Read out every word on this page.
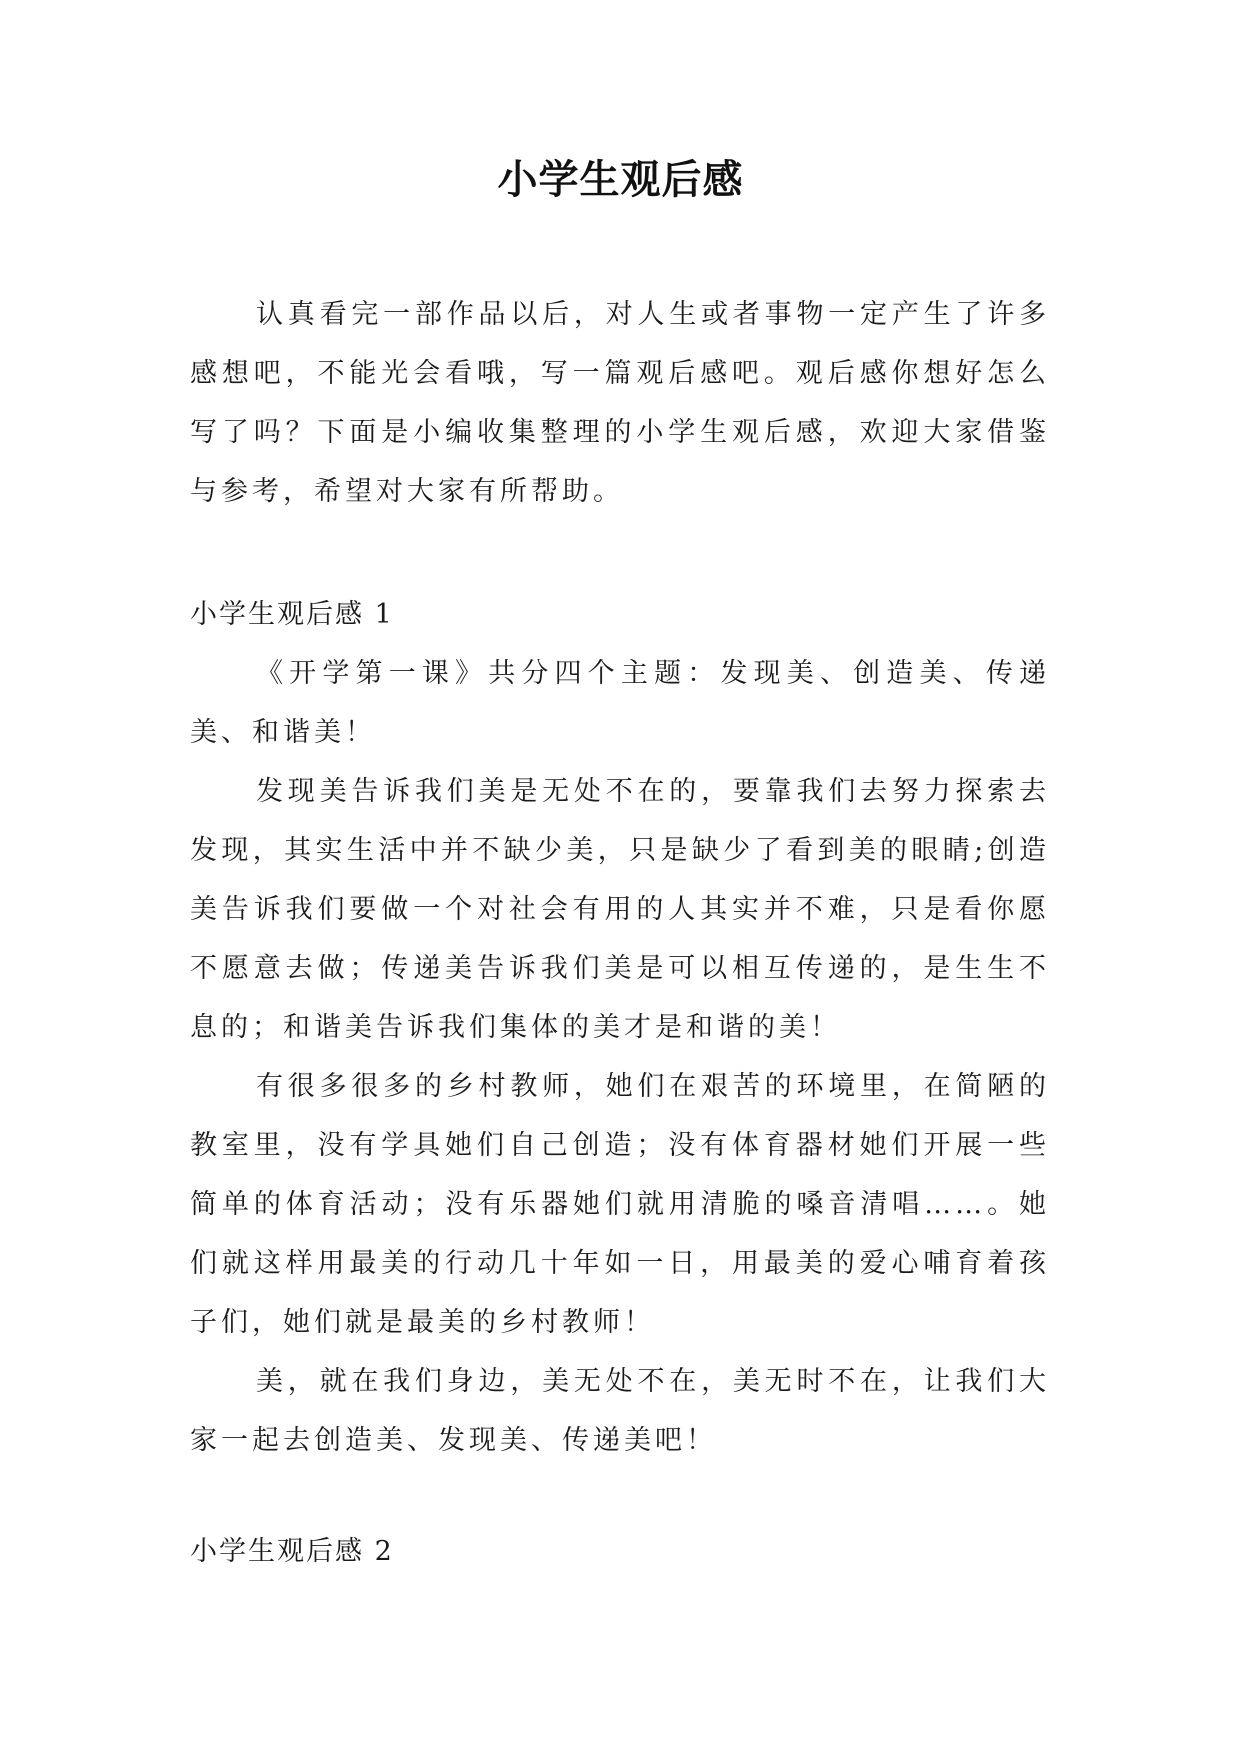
小学生观后感

认真看完一部作品以后，对人生或者事物一定产生了许多感想吧，不能光会看哦，写一篇观后感吧。观后感你想好怎么写了吗？下面是小编收集整理的小学生观后感，欢迎大家借鉴与参考，希望对大家有所帮助。

小学生观后感 1

《开学第一课》共分四个主题：发现美、创造美、传递美、和谐美！

发现美告诉我们美是无处不在的，要靠我们去努力探索去发现，其实生活中并不缺少美，只是缺少了看到美的眼睛;创造美告诉我们要做一个对社会有用的人其实并不难，只是看你愿不愿意去做；传递美告诉我们美是可以相互传递的，是生生不息的；和谐美告诉我们集体的美才是和谐的美！

有很多很多的乡村教师，她们在艰苦的环境里，在简陋的教室里，没有学具她们自己创造；没有体育器材她们开展一些简单的体育活动；没有乐器她们就用清脆的嗓音清唱……。她们就这样用最美的行动几十年如一日，用最美的爱心哺育着孩子们，她们就是最美的乡村教师！

美，就在我们身边，美无处不在，美无时不在，让我们大家一起去创造美、发现美、传递美吧！

小学生观后感 2
